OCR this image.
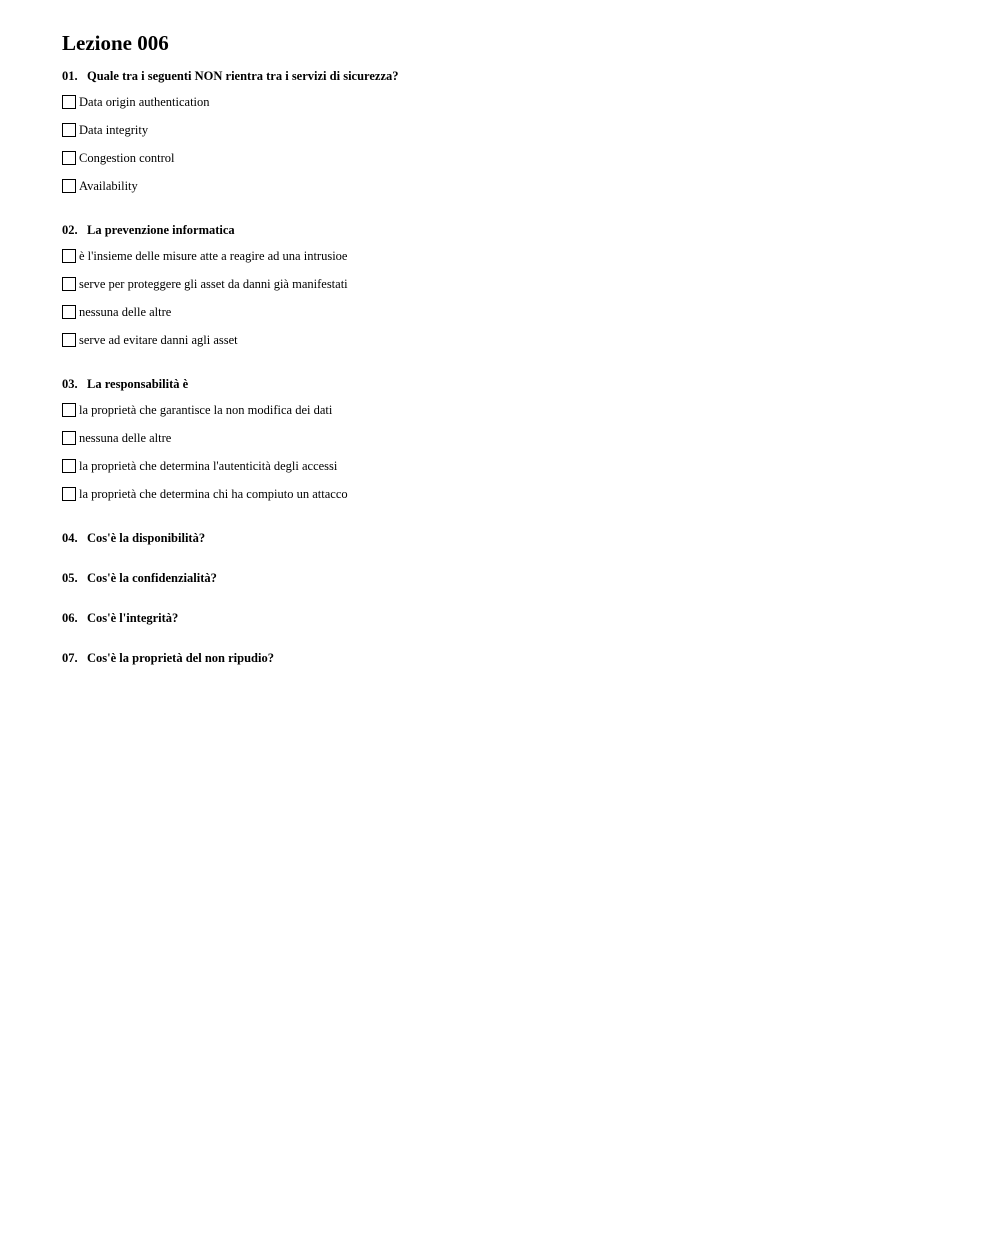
Lezione 006
01. Quale tra i seguenti NON rientra tra i servizi di sicurezza?
Data origin authentication
Data integrity
Congestion control
Availability
02. La prevenzione informatica
è l'insieme delle misure atte a reagire ad una intrusioe
serve per proteggere gli asset da danni già manifestati
nessuna delle altre
serve ad evitare danni agli asset
03. La responsabilità è
la proprietà che garantisce la non modifica dei dati
nessuna delle altre
la proprietà che determina l'autenticità degli accessi
la proprietà che determina chi ha compiuto un attacco
04. Cos'è la disponibilità?
05. Cos'è la confidenzialità?
06. Cos'è l'integrità?
07. Cos'è la proprietà del non ripudio?
